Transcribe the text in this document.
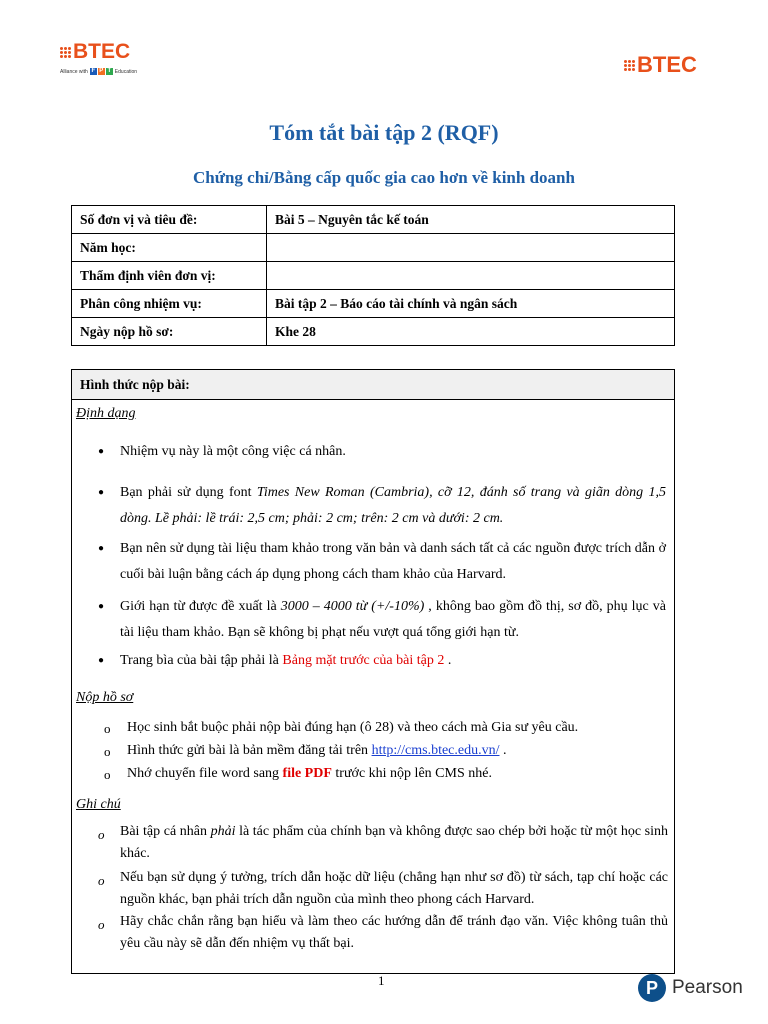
BTEC
Alliance with F P T Education	BTEC
Tóm tắt bài tập 2 (RQF)
Chứng chỉ/Bằng cấp quốc gia cao hơn về kinh doanh
Số đơn vị và tiêu đề:	Bài 5 – Nguyên tắc kế toán
Năm học:	
Thẩm định viên đơn vị:	
Phân công nhiệm vụ:	Bài tập 2 – Báo cáo tài chính và ngân sách
Ngày nộp hồ sơ:	Khe 28
Hình thức nộp bài:
Định dạng
● Nhiệm vụ này là một công việc cá nhân.
● Bạn phải sử dụng font Times New Roman (Cambria), cỡ 12, đánh số trang và giãn dòng 1,5 dòng. Lề phải: lề trái: 2,5 cm; phải: 2 cm; trên: 2 cm và dưới: 2 cm.
● Bạn nên sử dụng tài liệu tham khảo trong văn bản và danh sách tất cả các nguồn được trích dẫn ở cuối bài luận bằng cách áp dụng phong cách tham khảo của Harvard.
● Giới hạn từ được đề xuất là 3000 – 4000 từ (+/-10%) , không bao gồm đồ thị, sơ đồ, phụ lục và tài liệu tham khảo. Bạn sẽ không bị phạt nếu vượt quá tổng giới hạn từ.
● Trang bìa của bài tập phải là Bảng mặt trước của bài tập 2 .
Nộp hồ sơ
o Học sinh bắt buộc phải nộp bài đúng hạn (ô 28) và theo cách mà Gia sư yêu cầu.
o Hình thức gửi bài là bản mềm đăng tải trên http://cms.btec.edu.vn/ .
o Nhớ chuyển file word sang file PDF trước khi nộp lên CMS nhé.
Ghi chú
o Bài tập cá nhân phải là tác phẩm của chính bạn và không được sao chép bởi hoặc từ một học sinh khác.
o Nếu bạn sử dụng ý tưởng, trích dẫn hoặc dữ liệu (chẳng hạn như sơ đồ) từ sách, tạp chí hoặc các nguồn khác, bạn phải trích dẫn nguồn của mình theo phong cách Harvard.
o Hãy chắc chắn rằng bạn hiểu và làm theo các hướng dẫn để tránh đạo văn. Việc không tuân thủ yêu cầu này sẽ dẫn đến nhiệm vụ thất bại.
1	P Pearson
